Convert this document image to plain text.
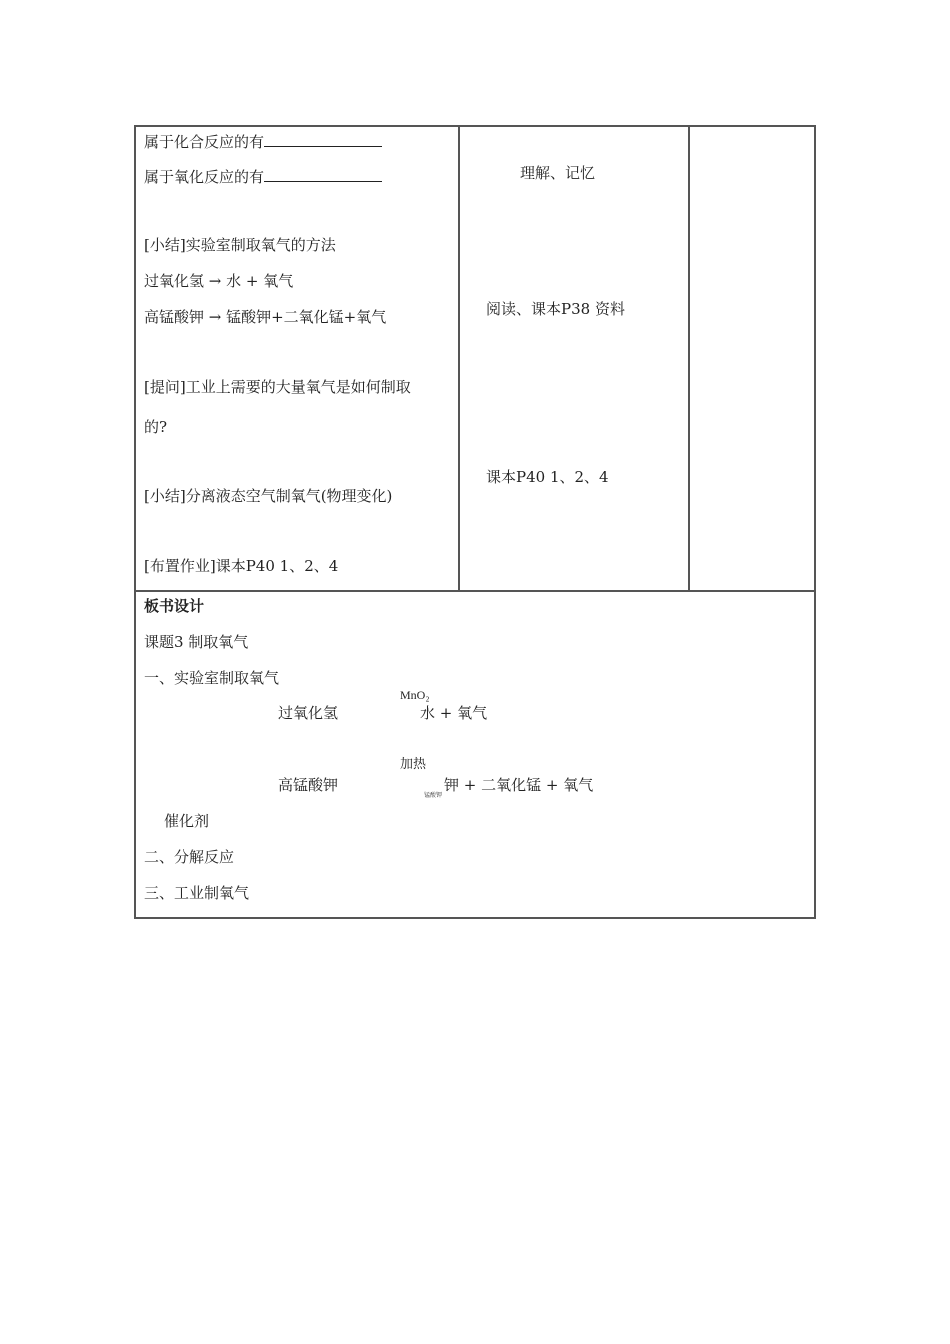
属于化合反应的有
属于氧化反应的有
[小结]实验室制取氧气的方法
过氧化氢 → 水 + 氧气
高锰酸钾 → 锰酸钾+二氧化锰+氧气
[提问]工业上需要的大量氧气是如何制取
的?
[小结]分离液态空气制氧气(物理变化)
[布置作业]课本P40 1、2、4
理解、记忆
阅读、课本P38 资料
课本P40 1、2、4
板书设计
课题3 制取氧气
一、实验室制取氧气
MnO₂
过氧化氢	水 + 氧气
加热
高锰酸钾
锰酸钾
钾 + 二氧化锰 + 氧气
催化剂
二、分解反应
三、工业制氧气
